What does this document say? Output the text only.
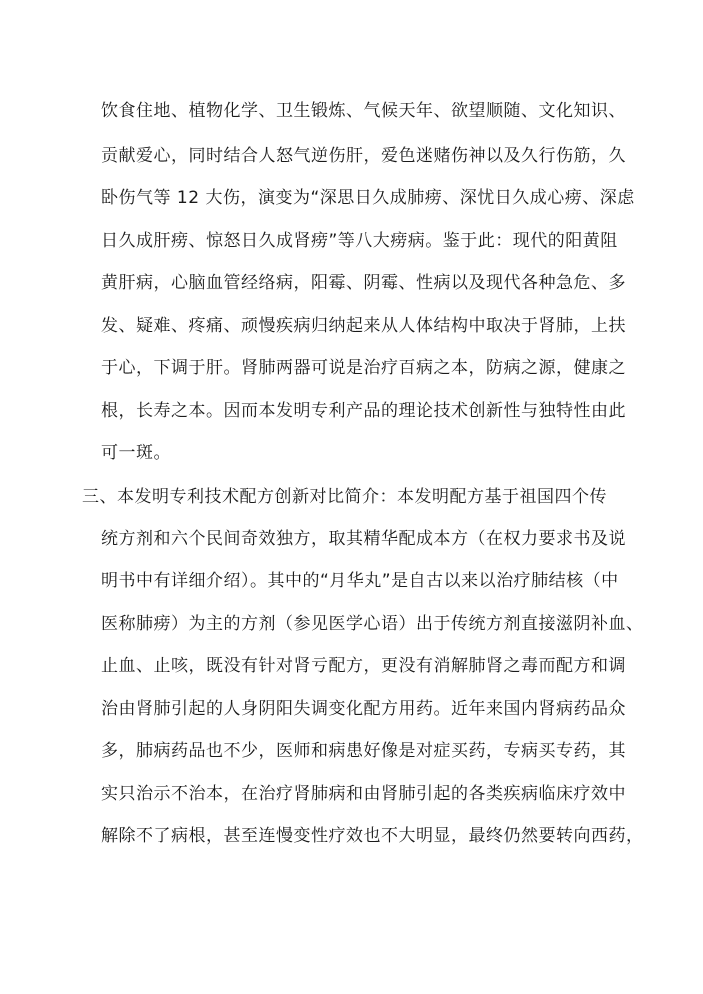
饮食住地、植物化学、卫生锻炼、气候天年、欲望顺随、文化知识、

贡献爱心，同时结合人怒气逆伤肝，爱色迷赌伤神以及久行伤筋，久

卧伤气等 12 大伤，演变为“深思日久成肺痨、深忧日久成心痨、深虑

日久成肝痨、惊怒日久成肾痨”等八大痨病。鉴于此：现代的阳黄阻

黄肝病，心脑血管经络病，阳霉、阴霉、性病以及现代各种急危、多

发、疑难、疼痛、顽慢疾病归纳起来从人体结构中取决于肾肺，上扶

于心，下调于肝。肾肺两器可说是治疗百病之本，防病之源，健康之

根，长寿之本。因而本发明专利产品的理论技术创新性与独特性由此

可一斑。

三、本发明专利技术配方创新对比简介：本发明配方基于祖国四个传

统方剂和六个民间奇效独方，取其精华配成本方（在权力要求书及说

明书中有详细介绍）。其中的“月华丸”是自古以来以治疗肺结核（中

医称肺痨）为主的方剂（参见医学心语）出于传统方剂直接滋阴补血、

止血、止咳，既没有针对肾亏配方，更没有消解肺肾之毒而配方和调

治由肾肺引起的人身阴阳失调变化配方用药。近年来国内肾病药品众

多，肺病药品也不少，医师和病患好像是对症买药，专病买专药，其

实只治示不治本，在治疗肾肺病和由肾肺引起的各类疾病临床疗效中

解除不了病根，甚至连慢变性疗效也不大明显，最终仍然要转向西药，
